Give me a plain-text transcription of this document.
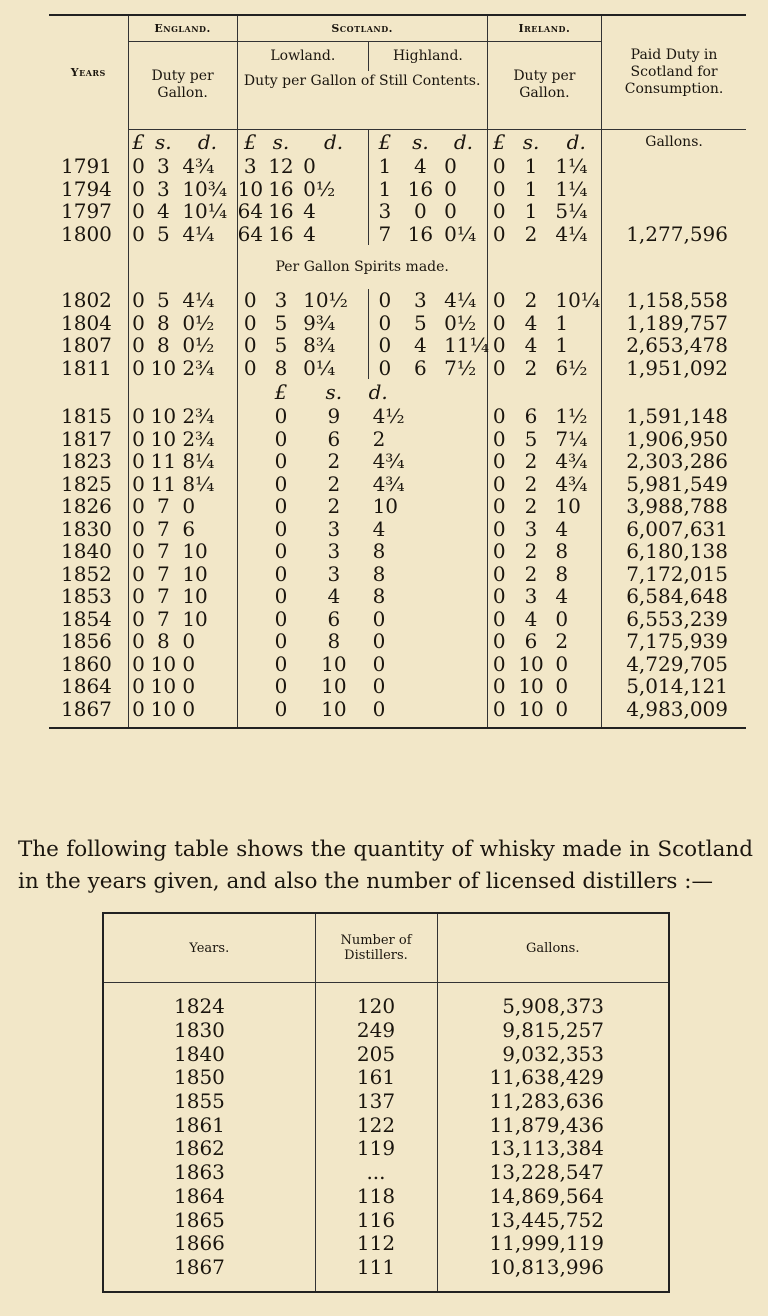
Years	England.			Scotland.						Ireland.			Paid Duty in Scotland for Consumption.
	Duty per Gallon.			Lowland.			Highland.			Duty per Gallon.			
				Duty per Gallon of Still Contents.									
	£	s.	d.	£	s.	d.	£	s.	d.	£	s.	d.	Gallons.
1791	0	3	4¾	3	12	0	1	4	0	0	1	1¼	
1794	0	3	10¾	10	16	0½	1	16	0	0	1	1¼	
1797	0	4	10¼	64	16	4	3	0	0	0	1	5¼	
1800	0	5	4¼	64	16	4	7	16	0¼	0	2	4¼	1,277,596
				Per Gallon Spirits made.									
1802	0	5	4¼	0	3	10½	0	3	4¼	0	2	10¼	1,158,558
1804	0	8	0½	0	5	9¾	0	5	0½	0	4	1	1,189,757
1807	0	8	0½	0	5	8¾	0	4	11¼	0	4	1	2,653,478
1811	0	10	2¾	0	8	0¼	0	6	7½	0	2	6½	1,951,092
					£	s.	d.						
1815	0	10	2¾		0	9	4½			0	6	1½	1,591,148
1817	0	10	2¾		0	6	2			0	5	7¼	1,906,950
1823	0	11	8¼		0	2	4¾			0	2	4¾	2,303,286
1825	0	11	8¼		0	2	4¾			0	2	4¾	5,981,549
1826	0	7	0		0	2	10			0	2	10	3,988,788
1830	0	7	6		0	3	4			0	3	4	6,007,631
1840	0	7	10		0	3	8			0	2	8	6,180,138
1852	0	7	10		0	3	8			0	2	8	7,172,015
1853	0	7	10		0	4	8			0	3	4	6,584,648
1854	0	7	10		0	6	0			0	4	0	6,553,239
1856	0	8	0		0	8	0			0	6	2	7,175,939
1860	0	10	0		0	10	0			0	10	0	4,729,705
1864	0	10	0		0	10	0			0	10	0	5,014,121
1867	0	10	0		0	10	0			0	10	0	4,983,009

The following table shows the quantity of whisky made in Scotland in the years given, and also the number of licensed distillers :—
Years.	Number of Distillers.	Gallons.

1824	120	5,908,373
1830	249	9,815,257
1840	205	9,032,353
1850	161	11,638,429
1855	137	11,283,636
1861	122	11,879,436
1862	119	13,113,384
1863	...	13,228,547
1864	118	14,869,564
1865	116	13,445,752
1866	112	11,999,119
1867	111	10,813,996
